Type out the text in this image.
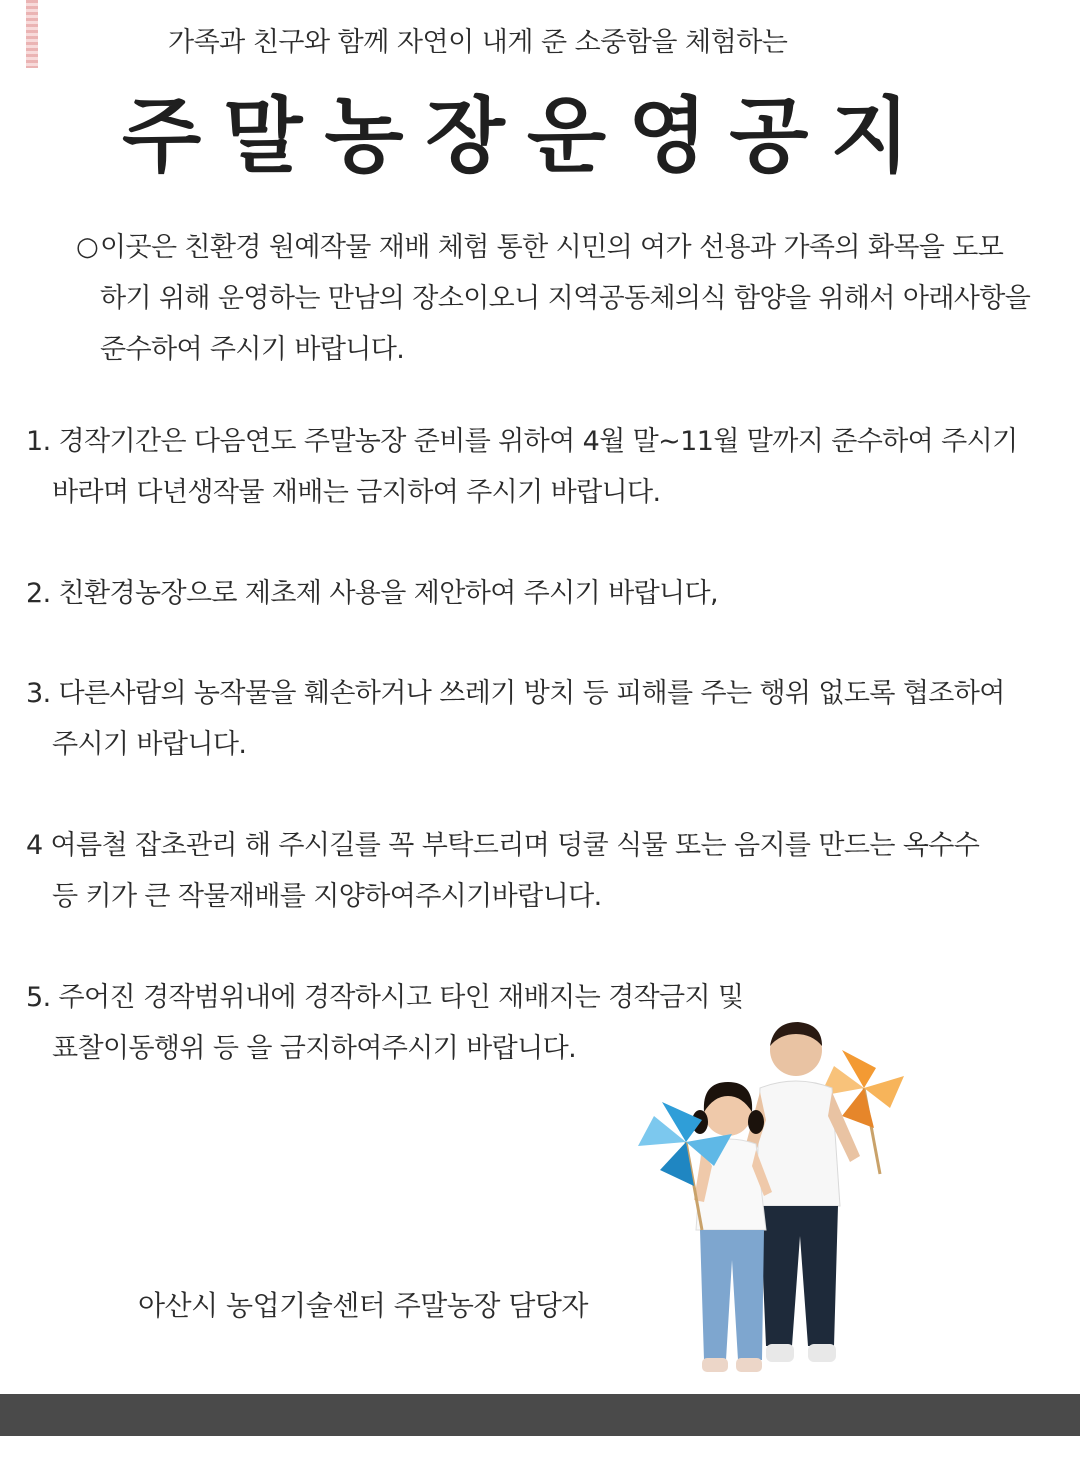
가족과 친구와 함께 자연이 내게 준 소중함을 체험하는
주말농장운영공지
○ 이곳은 친환경 원예작물 재배 체험 통한 시민의 여가 선용과 가족의 화목을 도모
하기 위해 운영하는 만남의 장소이오니 지역공동체의식 함양을 위해서 아래사항을
준수하여 주시기 바랍니다.
1. 경작기간은 다음연도 주말농장 준비를 위하여 4월 말~11월 말까지 준수하여 주시기
바라며 다년생작물 재배는 금지하여 주시기 바랍니다.
2. 친환경농장으로 제초제 사용을 제안하여 주시기 바랍니다,
3. 다른사람의 농작물을 훼손하거나 쓰레기 방치 등 피해를 주는 행위 없도록 협조하여
주시기 바랍니다.
4 여름철 잡초관리 해 주시길를 꼭 부탁드리며 덩쿨 식물 또는 음지를 만드는 옥수수
등 키가 큰 작물재배를 지양하여주시기바랍니다.
5. 주어진 경작범위내에 경작하시고 타인 재배지는 경작금지 및
표찰이동행위 등 을 금지하여주시기 바랍니다.
아산시 농업기술센터 주말농장 담당자
